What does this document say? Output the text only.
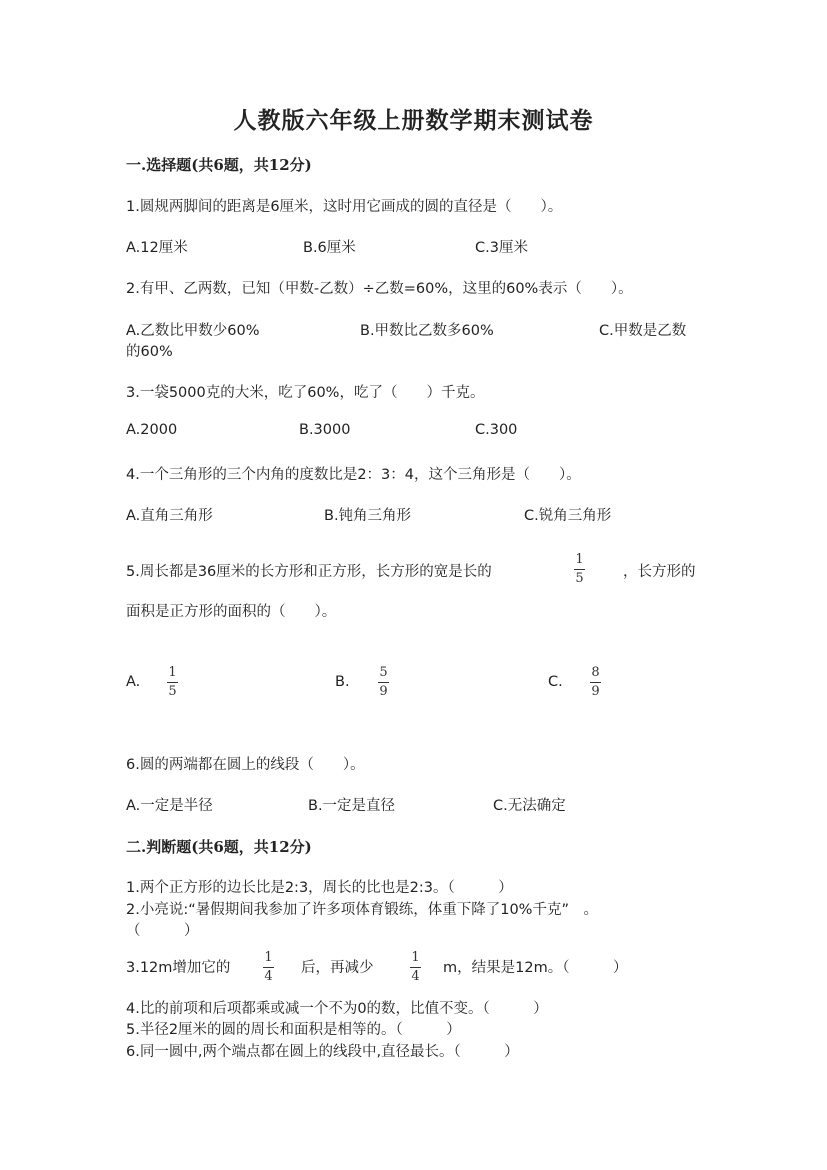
人教版六年级上册数学期末测试卷
一.选择题(共6题，共12分)
1.圆规两脚间的距离是6厘米，这时用它画成的圆的直径是（　　）。
A.12厘米	B.6厘米	C.3厘米
2.有甲、乙两数，已知（甲数-乙数）÷乙数=60%，这里的60%表示（　　）。
A.乙数比甲数少60%	B.甲数比乙数多60%	C.甲数是乙数
的60%
3.一袋5000克的大米，吃了60%，吃了（　　）千克。
A.2000	B.3000	C.300
4.一个三角形的三个内角的度数比是2：3：4，这个三角形是（　　）。
A.直角三角形	B.钝角三角形	C.锐角三角形
5.周长都是36厘米的长方形和正方形，长方形的宽是长的
1
5	，长方形的
面积是正方形的面积的（　　）。
A.
1
5
B.
5
9
C.
8
9
6.圆的两端都在圆上的线段（　　）。
A.一定是半径	B.一定是直径	C.无法确定
二.判断题(共6题，共12分)
1.两个正方形的边长比是2:3，周长的比也是2:3。（　　　）
2.小亮说:“暑假期间我参加了许多项体育锻练，体重下降了10%千克”　。
（　　　）
3.12m增加它的
1
4
后，再减少
1
4
m，结果是12m。（　　　）
4.比的前项和后项都乘或减一个不为0的数，比值不变。（　　　）
5.半径2厘米的圆的周长和面积是相等的。（　　　）
6.同一圆中,两个端点都在圆上的线段中,直径最长。（　　　）
